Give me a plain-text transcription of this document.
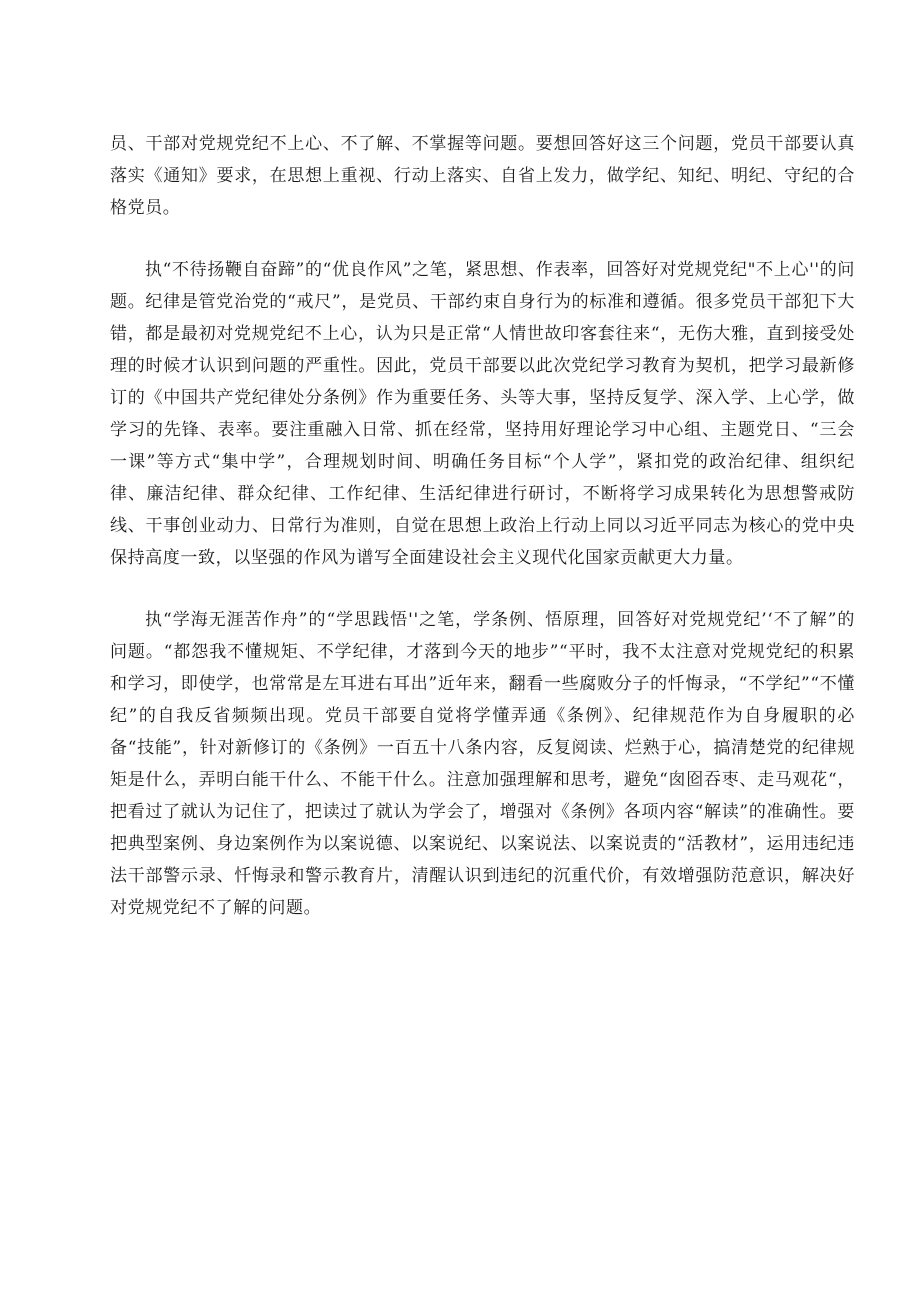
员、干部对党规党纪不上心、不了解、不掌握等问题。要想回答好这三个问题，党员干部要认真落实《通知》要求，在思想上重视、行动上落实、自省上发力，做学纪、知纪、明纪、守纪的合格党员。

执“不待扬鞭自奋蹄”的“优良作风”之笔，紧思想、作表率，回答好对党规党纪"不上心''的问题。纪律是管党治党的“戒尺”，是党员、干部约束自身行为的标准和遵循。很多党员干部犯下大错，都是最初对党规党纪不上心，认为只是正常“人情世故印客套往来“，无伤大雅，直到接受处理的时候才认识到问题的严重性。因此，党员干部要以此次党纪学习教育为契机，把学习最新修订的《中国共产党纪律处分条例》作为重要任务、头等大事，坚持反复学、深入学、上心学，做学习的先锋、表率。要注重融入日常、抓在经常，坚持用好理论学习中心组、主题党日、“三会一课”等方式“集中学”，合理规划时间、明确任务目标“个人学”，紧扣党的政治纪律、组织纪律、廉洁纪律、群众纪律、工作纪律、生活纪律进行研讨，不断将学习成果转化为思想警戒防线、干事创业动力、日常行为准则，自觉在思想上政治上行动上同以习近平同志为核心的党中央保持高度一致，以坚强的作风为谱写全面建设社会主义现代化国家贡献更大力量。

执“学海无涯苦作舟”的“学思践悟''之笔，学条例、悟原理，回答好对党规党纪’‘不了解”的问题。“都怨我不懂规矩、不学纪律，才落到今天的地步”“平时，我不太注意对党规党纪的积累和学习，即使学，也常常是左耳进右耳出”近年来，翻看一些腐败分子的忏悔录，“不学纪”“不懂纪”的自我反省频频出现。党员干部要自觉将学懂弄通《条例》、纪律规范作为自身履职的必备“技能”，针对新修订的《条例》一百五十八条内容，反复阅读、烂熟于心，搞清楚党的纪律规矩是什么，弄明白能干什么、不能干什么。注意加强理解和思考，避免“囱囵吞枣、走马观花“，把看过了就认为记住了，把读过了就认为学会了，增强对《条例》各项内容“解读”的准确性。要把典型案例、身边案例作为以案说德、以案说纪、以案说法、以案说责的“活教材”，运用违纪违法干部警示录、忏悔录和警示教育片，清醒认识到违纪的沉重代价，有效增强防范意识，解决好对党规党纪不了解的问题。
